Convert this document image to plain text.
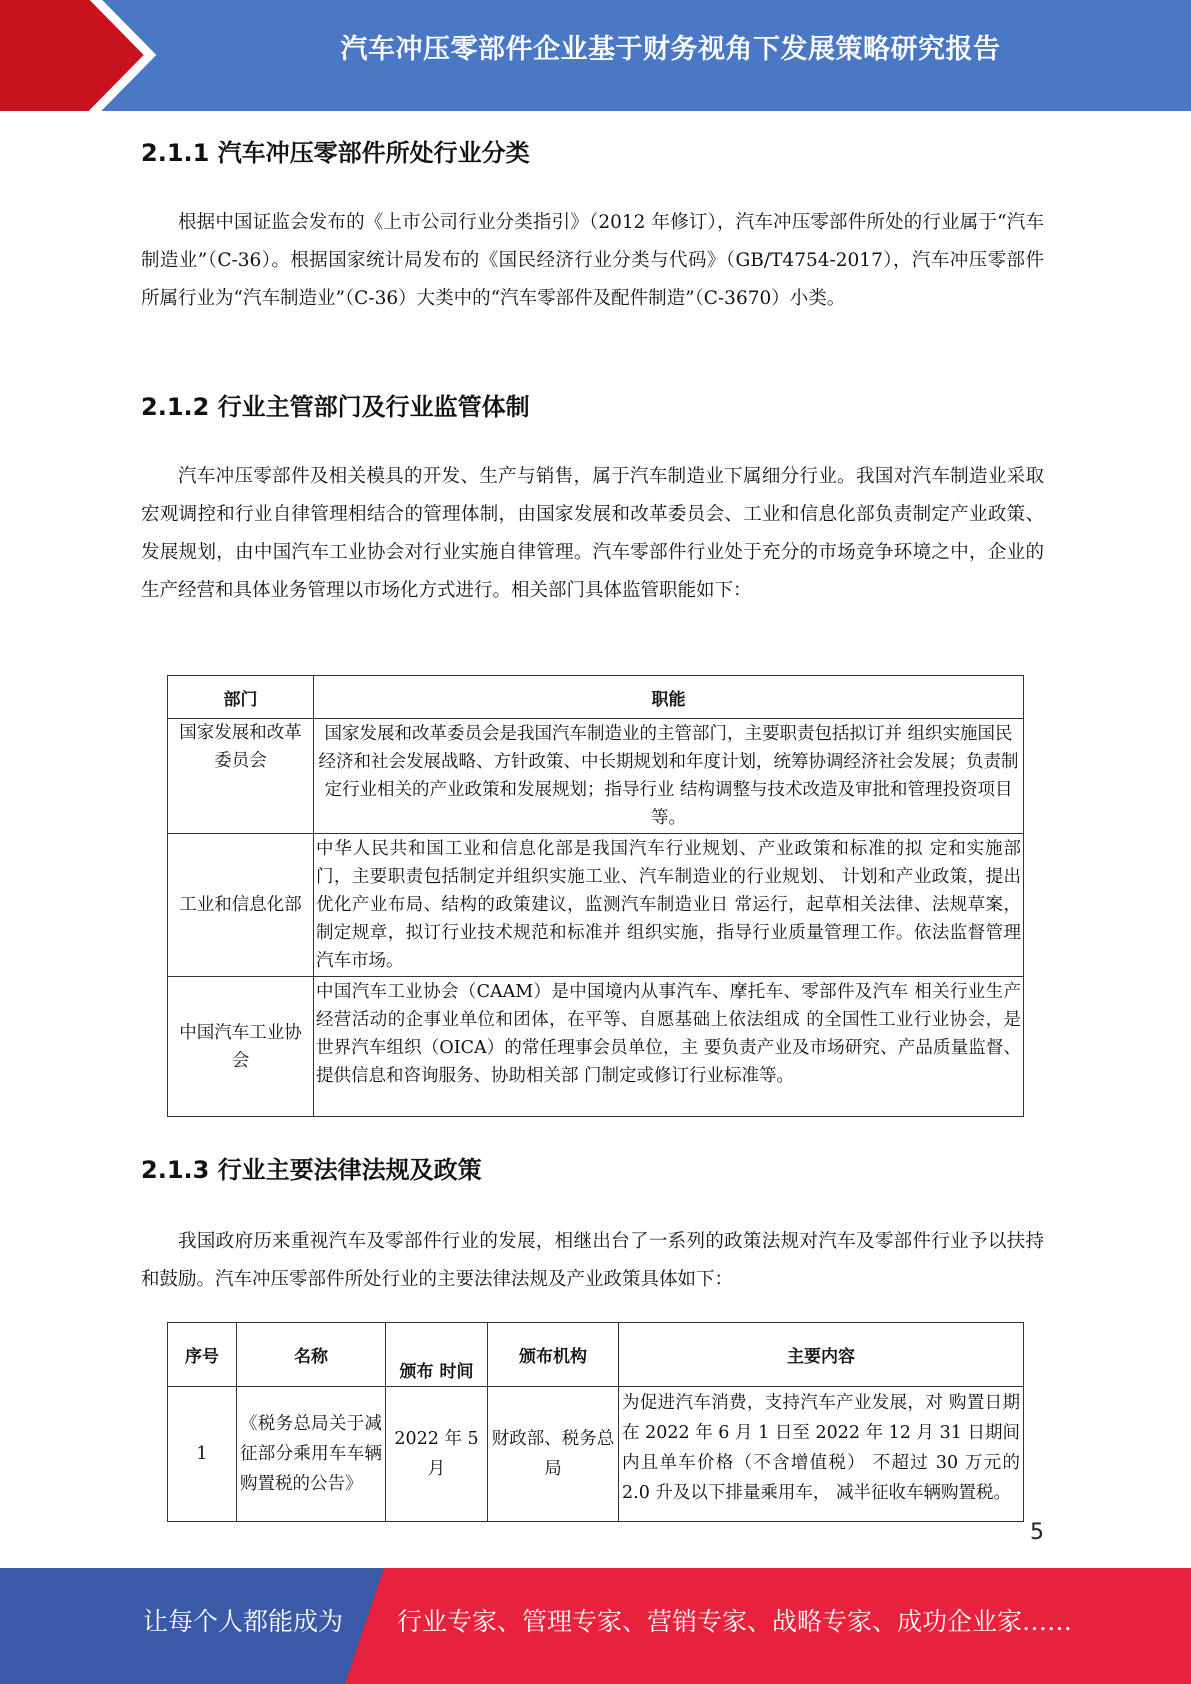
汽车冲压零部件企业基于财务视角下发展策略研究报告
2.1.1 汽车冲压零部件所处行业分类

根据中国证监会发布的《上市公司行业分类指引》（2012 年修订），汽车冲压零部件所处的行业属于“汽车制造业”（C-36）。根据国家统计局发布的《国民经济行业分类与代码》（GB/T4754-2017），汽车冲压零部件所属行业为“汽车制造业”（C-36）大类中的“汽车零部件及配件制造”（C-3670）小类。

2.1.2 行业主管部门及行业监管体制

汽车冲压零部件及相关模具的开发、生产与销售，属于汽车制造业下属细分行业。我国对汽车制造业采取宏观调控和行业自律管理相结合的管理体制，由国家发展和改革委员会、工业和信息化部负责制定产业政策、发展规划，由中国汽车工业协会对行业实施自律管理。汽车零部件行业处于充分的市场竞争环境之中，企业的生产经营和具体业务管理以市场化方式进行。相关部门具体监管职能如下：

部门	职能
国家发展和改革委员会	国家发展和改革委员会是我国汽车制造业的主管部门，主要职责包括拟订并 组织实施国民经济和社会发展战略、方针政策、中长期规划和年度计划，统筹协调经济社会发展；负责制定行业相关的产业政策和发展规划；指导行业 结构调整与技术改造及审批和管理投资项目等。
工业和信息化部	中华人民共和国工业和信息化部是我国汽车行业规划、产业政策和标准的拟 定和实施部门，主要职责包括制定并组织实施工业、汽车制造业的行业规划、 计划和产业政策，提出优化产业布局、结构的政策建议，监测汽车制造业日 常运行，起草相关法律、法规草案，制定规章，拟订行业技术规范和标准并 组织实施，指导行业质量管理工作。依法监督管理汽车市场。
中国汽车工业协会	中国汽车工业协会（CAAM）是中国境内从事汽车、摩托车、零部件及汽车 相关行业生产经营活动的企事业单位和团体，在平等、自愿基础上依法组成 的全国性工业行业协会，是世界汽车组织（OICA）的常任理事会员单位，主 要负责产业及市场研究、产品质量监督、提供信息和咨询服务、协助相关部 门制定或修订行业标准等。
2.1.3 行业主要法律法规及政策

我国政府历来重视汽车及零部件行业的发展，相继出台了一系列的政策法规对汽车及零部件行业予以扶持和鼓励。汽车冲压零部件所处行业的主要法律法规及产业政策具体如下：

序号	名称	颁布 时间	颁布机构	主要内容
1	《税务总局关于减征部分乘用车车辆购置税的公告》	2022 年 5月	财政部、税务总局	为促进汽车消费，支持汽车产业发展，对 购置日期在 2022 年 6 月 1 日至 2022 年 12 月 31 日期间内且单车价格（不含增值税） 不超过 30 万元的 2.0 升及以下排量乘用车， 减半征收车辆购置税。
5
让每个人都能成为 行业专家、管理专家、营销专家、战略专家、成功企业家……
